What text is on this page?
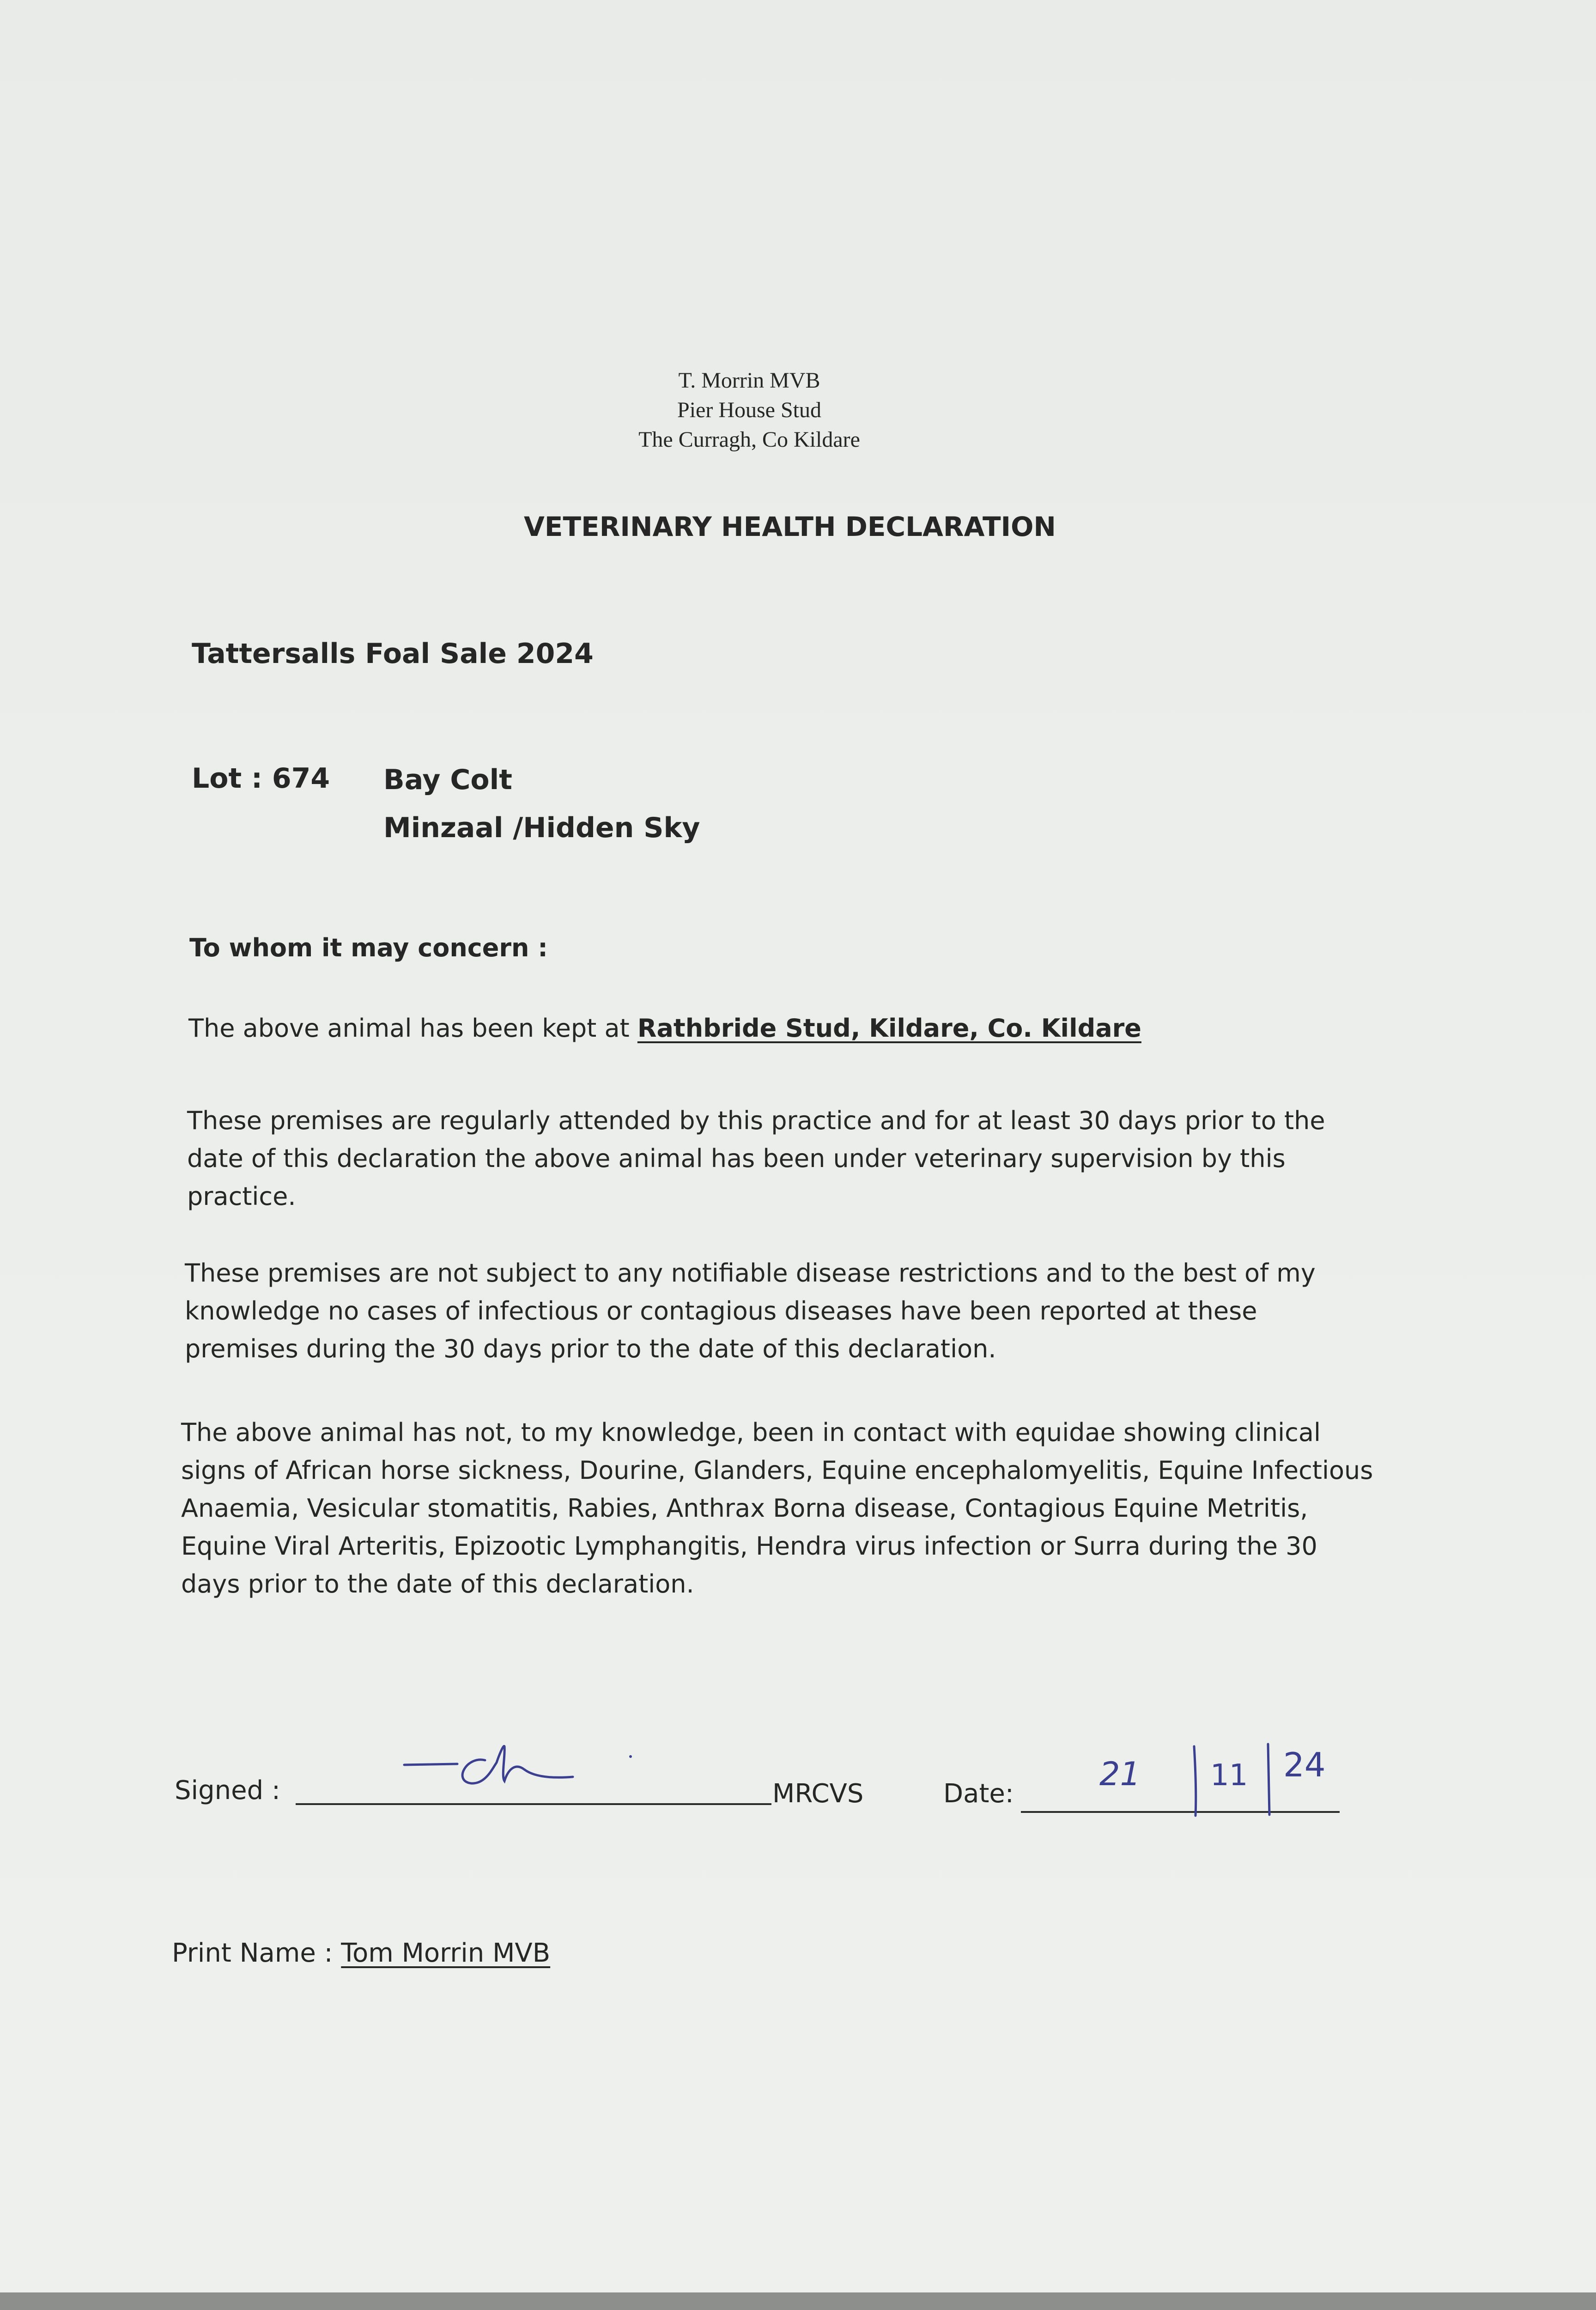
T. Morrin MVB
Pier House Stud
The Curragh, Co Kildare
VETERINARY HEALTH DECLARATION
Tattersalls Foal Sale 2024
Lot : 674 Bay Colt
Minzaal /Hidden Sky
To whom it may concern :
The above animal has been kept at Rathbride Stud, Kildare, Co. Kildare
These premises are regularly attended by this practice and for at least 30 days prior to the date of this declaration the above animal has been under veterinary supervision by this practice.
These premises are not subject to any notifiable disease restrictions and to the best of my knowledge no cases of infectious or contagious diseases have been reported at these premises during the 30 days prior to the date of this declaration.
The above animal has not, to my knowledge, been in contact with equidae showing clinical signs of African horse sickness, Dourine, Glanders, Equine encephalomyelitis, Equine Infectious Anaemia, Vesicular stomatitis, Rabies, Anthrax Borna disease, Contagious Equine Metritis, Equine Viral Arteritis, Epizootic Lymphangitis, Hendra virus infection or Surra during the 30 days prior to the date of this declaration.
Signed :	MRCVS	Date:
21 11 24
Print Name : Tom Morrin MVB
